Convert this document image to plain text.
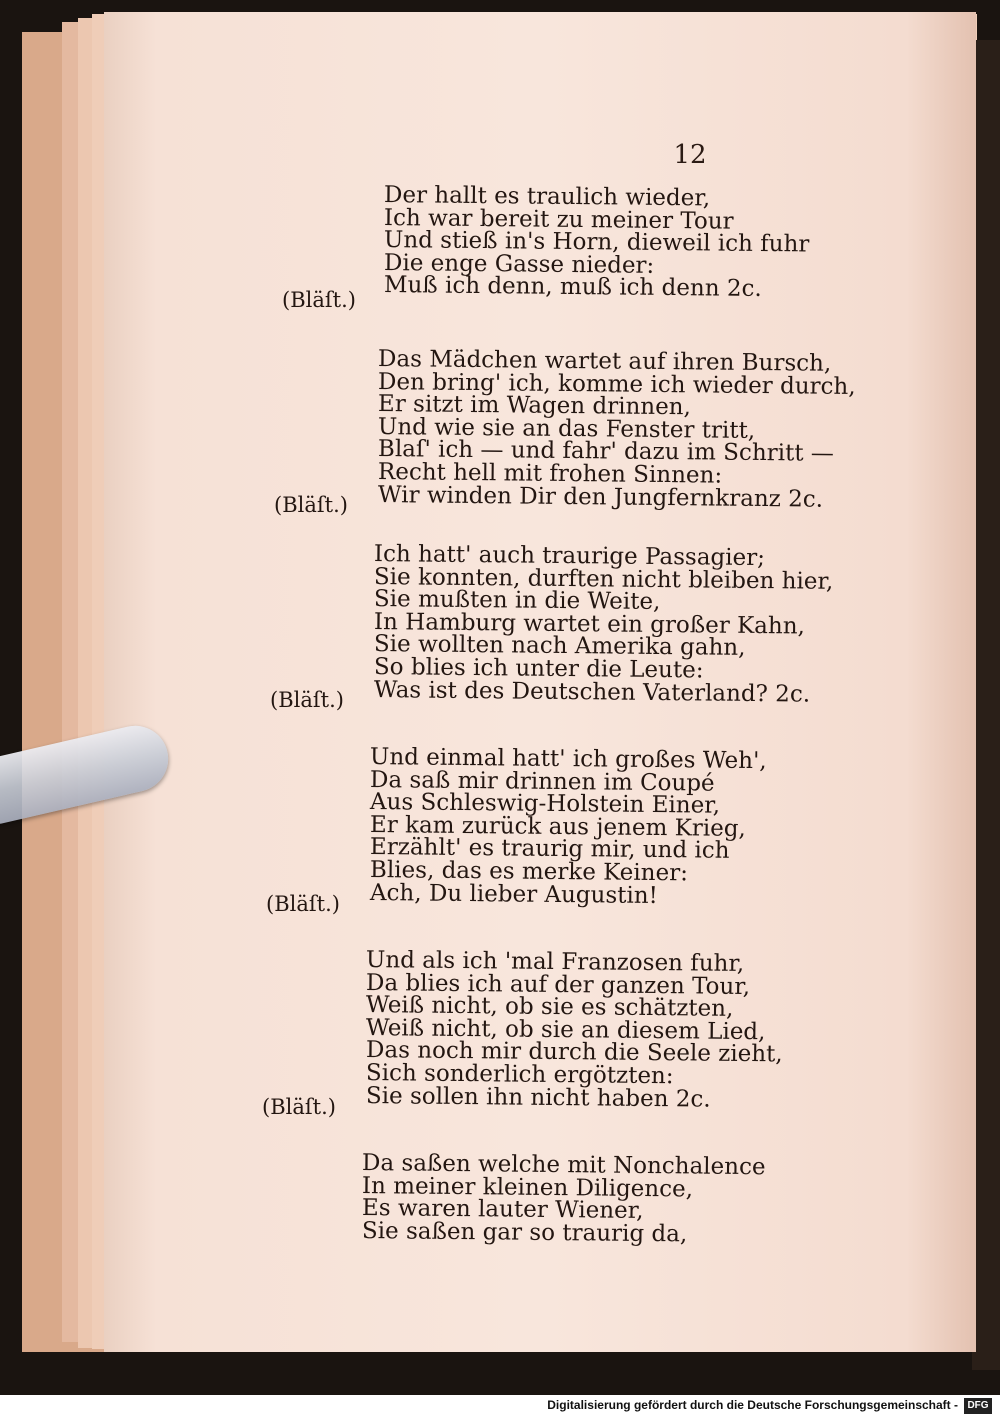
12
Der hallt es traulich wieder,
Ich war bereit zu meiner Tour
Und stieß in's Horn, dieweil ich fuhr
Die enge Gasse nieder:
Muß ich denn, muß ich denn 2c.
(Bläſt.)
Das Mädchen wartet auf ihren Bursch,
Den bring' ich, komme ich wieder durch,
Er sitzt im Wagen drinnen,
Und wie sie an das Fenster tritt,
Blaſ' ich — und fahr' dazu im Schritt —
Recht hell mit frohen Sinnen:
Wir winden Dir den Jungfernkranz 2c.
(Bläſt.)
Ich hatt' auch traurige Passagier;
Sie konnten, durften nicht bleiben hier,
Sie mußten in die Weite,
In Hamburg wartet ein großer Kahn,
Sie wollten nach Amerika gahn,
So blies ich unter die Leute:
Was ist des Deutschen Vaterland? 2c.
(Bläſt.)
Und einmal hatt' ich großes Weh',
Da saß mir drinnen im Coupé
Aus Schleswig-Holstein Einer,
Er kam zurück aus jenem Krieg,
Erzählt' es traurig mir, und ich
Blies, das es merke Keiner:
Ach, Du lieber Augustin!
(Bläſt.)
Und als ich 'mal Franzosen fuhr,
Da blies ich auf der ganzen Tour,
Weiß nicht, ob sie es schätzten,
Weiß nicht, ob sie an diesem Lied,
Das noch mir durch die Seele zieht,
Sich sonderlich ergötzten:
Sie sollen ihn nicht haben 2c.
(Bläſt.)
Da saßen welche mit Nonchalence
In meiner kleinen Diligence,
Es waren lauter Wiener,
Sie saßen gar so traurig da,
Digitalisierung gefördert durch die Deutsche Forschungsgemeinschaft - DFG
